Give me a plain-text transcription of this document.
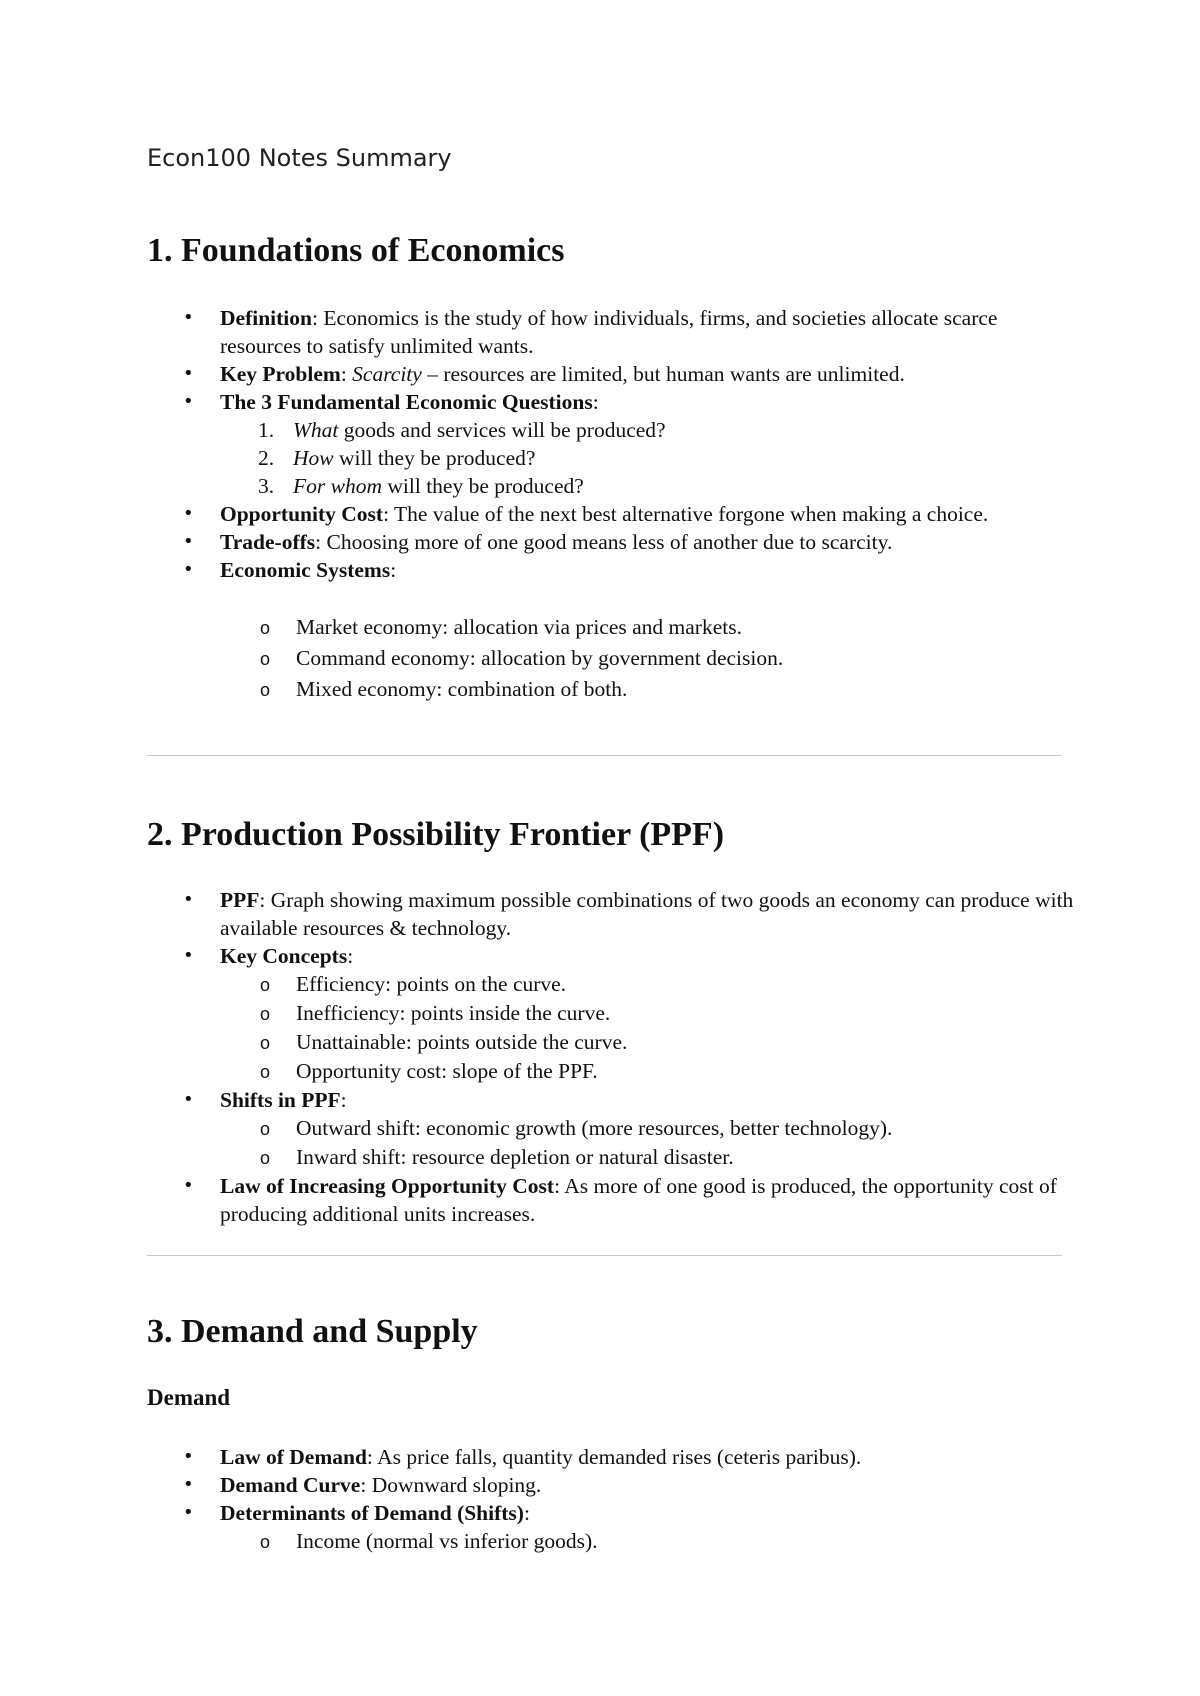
Econ100 Notes Summary
1. Foundations of Economics
• Definition: Economics is the study of how individuals, firms, and societies allocate scarce resources to satisfy unlimited wants.
• Key Problem: Scarcity – resources are limited, but human wants are unlimited.
• The 3 Fundamental Economic Questions:
1. What goods and services will be produced?
2. How will they be produced?
3. For whom will they be produced?
• Opportunity Cost: The value of the next best alternative forgone when making a choice.
• Trade-offs: Choosing more of one good means less of another due to scarcity.
• Economic Systems:
o Market economy: allocation via prices and markets.
o Command economy: allocation by government decision.
o Mixed economy: combination of both.
2. Production Possibility Frontier (PPF)
• PPF: Graph showing maximum possible combinations of two goods an economy can produce with available resources & technology.
• Key Concepts:
o Efficiency: points on the curve.
o Inefficiency: points inside the curve.
o Unattainable: points outside the curve.
o Opportunity cost: slope of the PPF.
• Shifts in PPF:
o Outward shift: economic growth (more resources, better technology).
o Inward shift: resource depletion or natural disaster.
• Law of Increasing Opportunity Cost: As more of one good is produced, the opportunity cost of producing additional units increases.
3. Demand and Supply
Demand
• Law of Demand: As price falls, quantity demanded rises (ceteris paribus).
• Demand Curve: Downward sloping.
• Determinants of Demand (Shifts):
o Income (normal vs inferior goods).
